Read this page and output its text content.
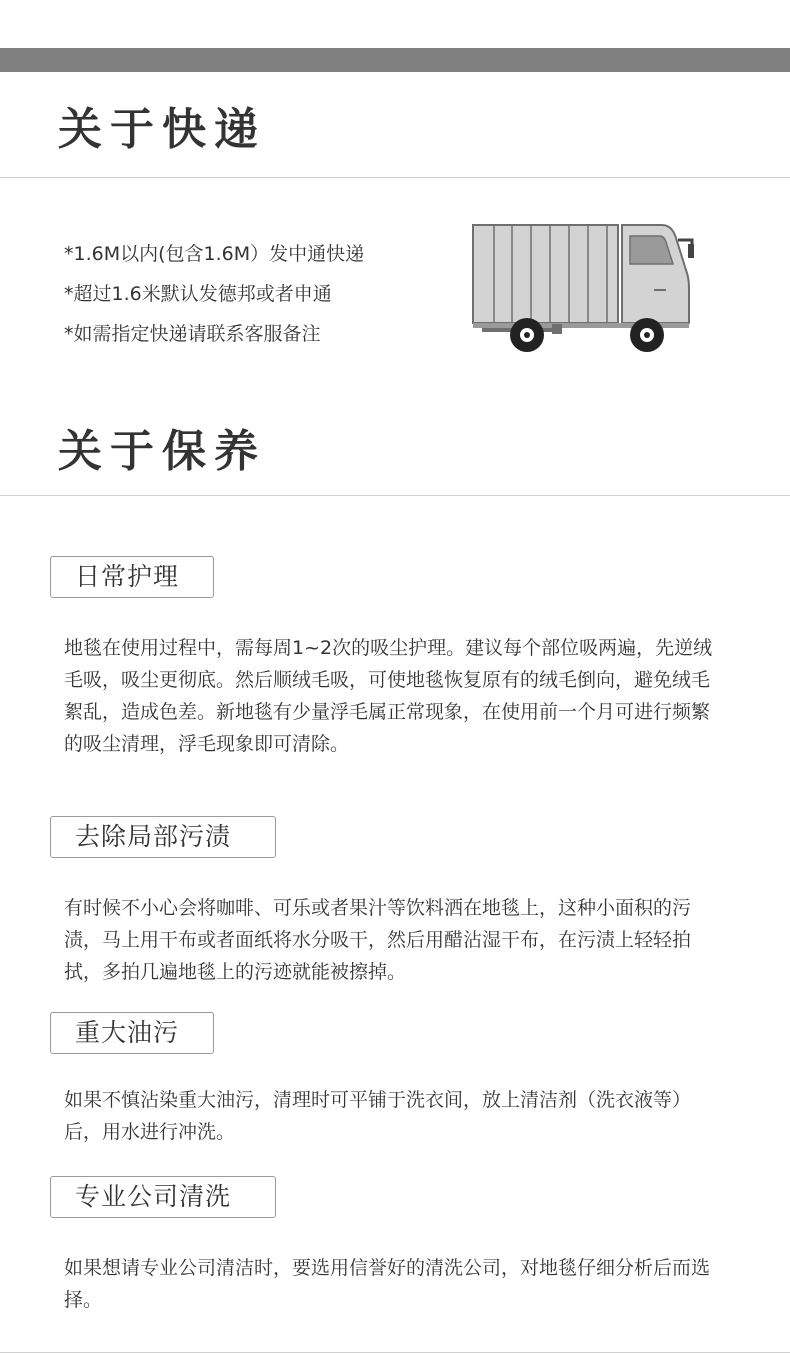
关于快递
*1.6M以内(包含1.6M）发中通快递
*超过1.6米默认发德邦或者申通
*如需指定快递请联系客服备注
关于保养
日常护理

地毯在使用过程中，需每周1~2次的吸尘护理。建议每个部位吸两遍，先逆绒毛吸，吸尘更彻底。然后顺绒毛吸，可使地毯恢复原有的绒毛倒向，避免绒毛絮乱，造成色差。新地毯有少量浮毛属正常现象，在使用前一个月可进行频繁的吸尘清理，浮毛现象即可清除。

去除局部污渍

有时候不小心会将咖啡、可乐或者果汁等饮料洒在地毯上，这种小面积的污渍，马上用干布或者面纸将水分吸干，然后用醋沾湿干布，在污渍上轻轻拍拭，多拍几遍地毯上的污迹就能被擦掉。

重大油污

如果不慎沾染重大油污，清理时可平铺于洗衣间，放上清洁剂（洗衣液等）后，用水进行冲洗。

专业公司清洗

如果想请专业公司清洁时，要选用信誉好的清洗公司，对地毯仔细分析后而选择。
